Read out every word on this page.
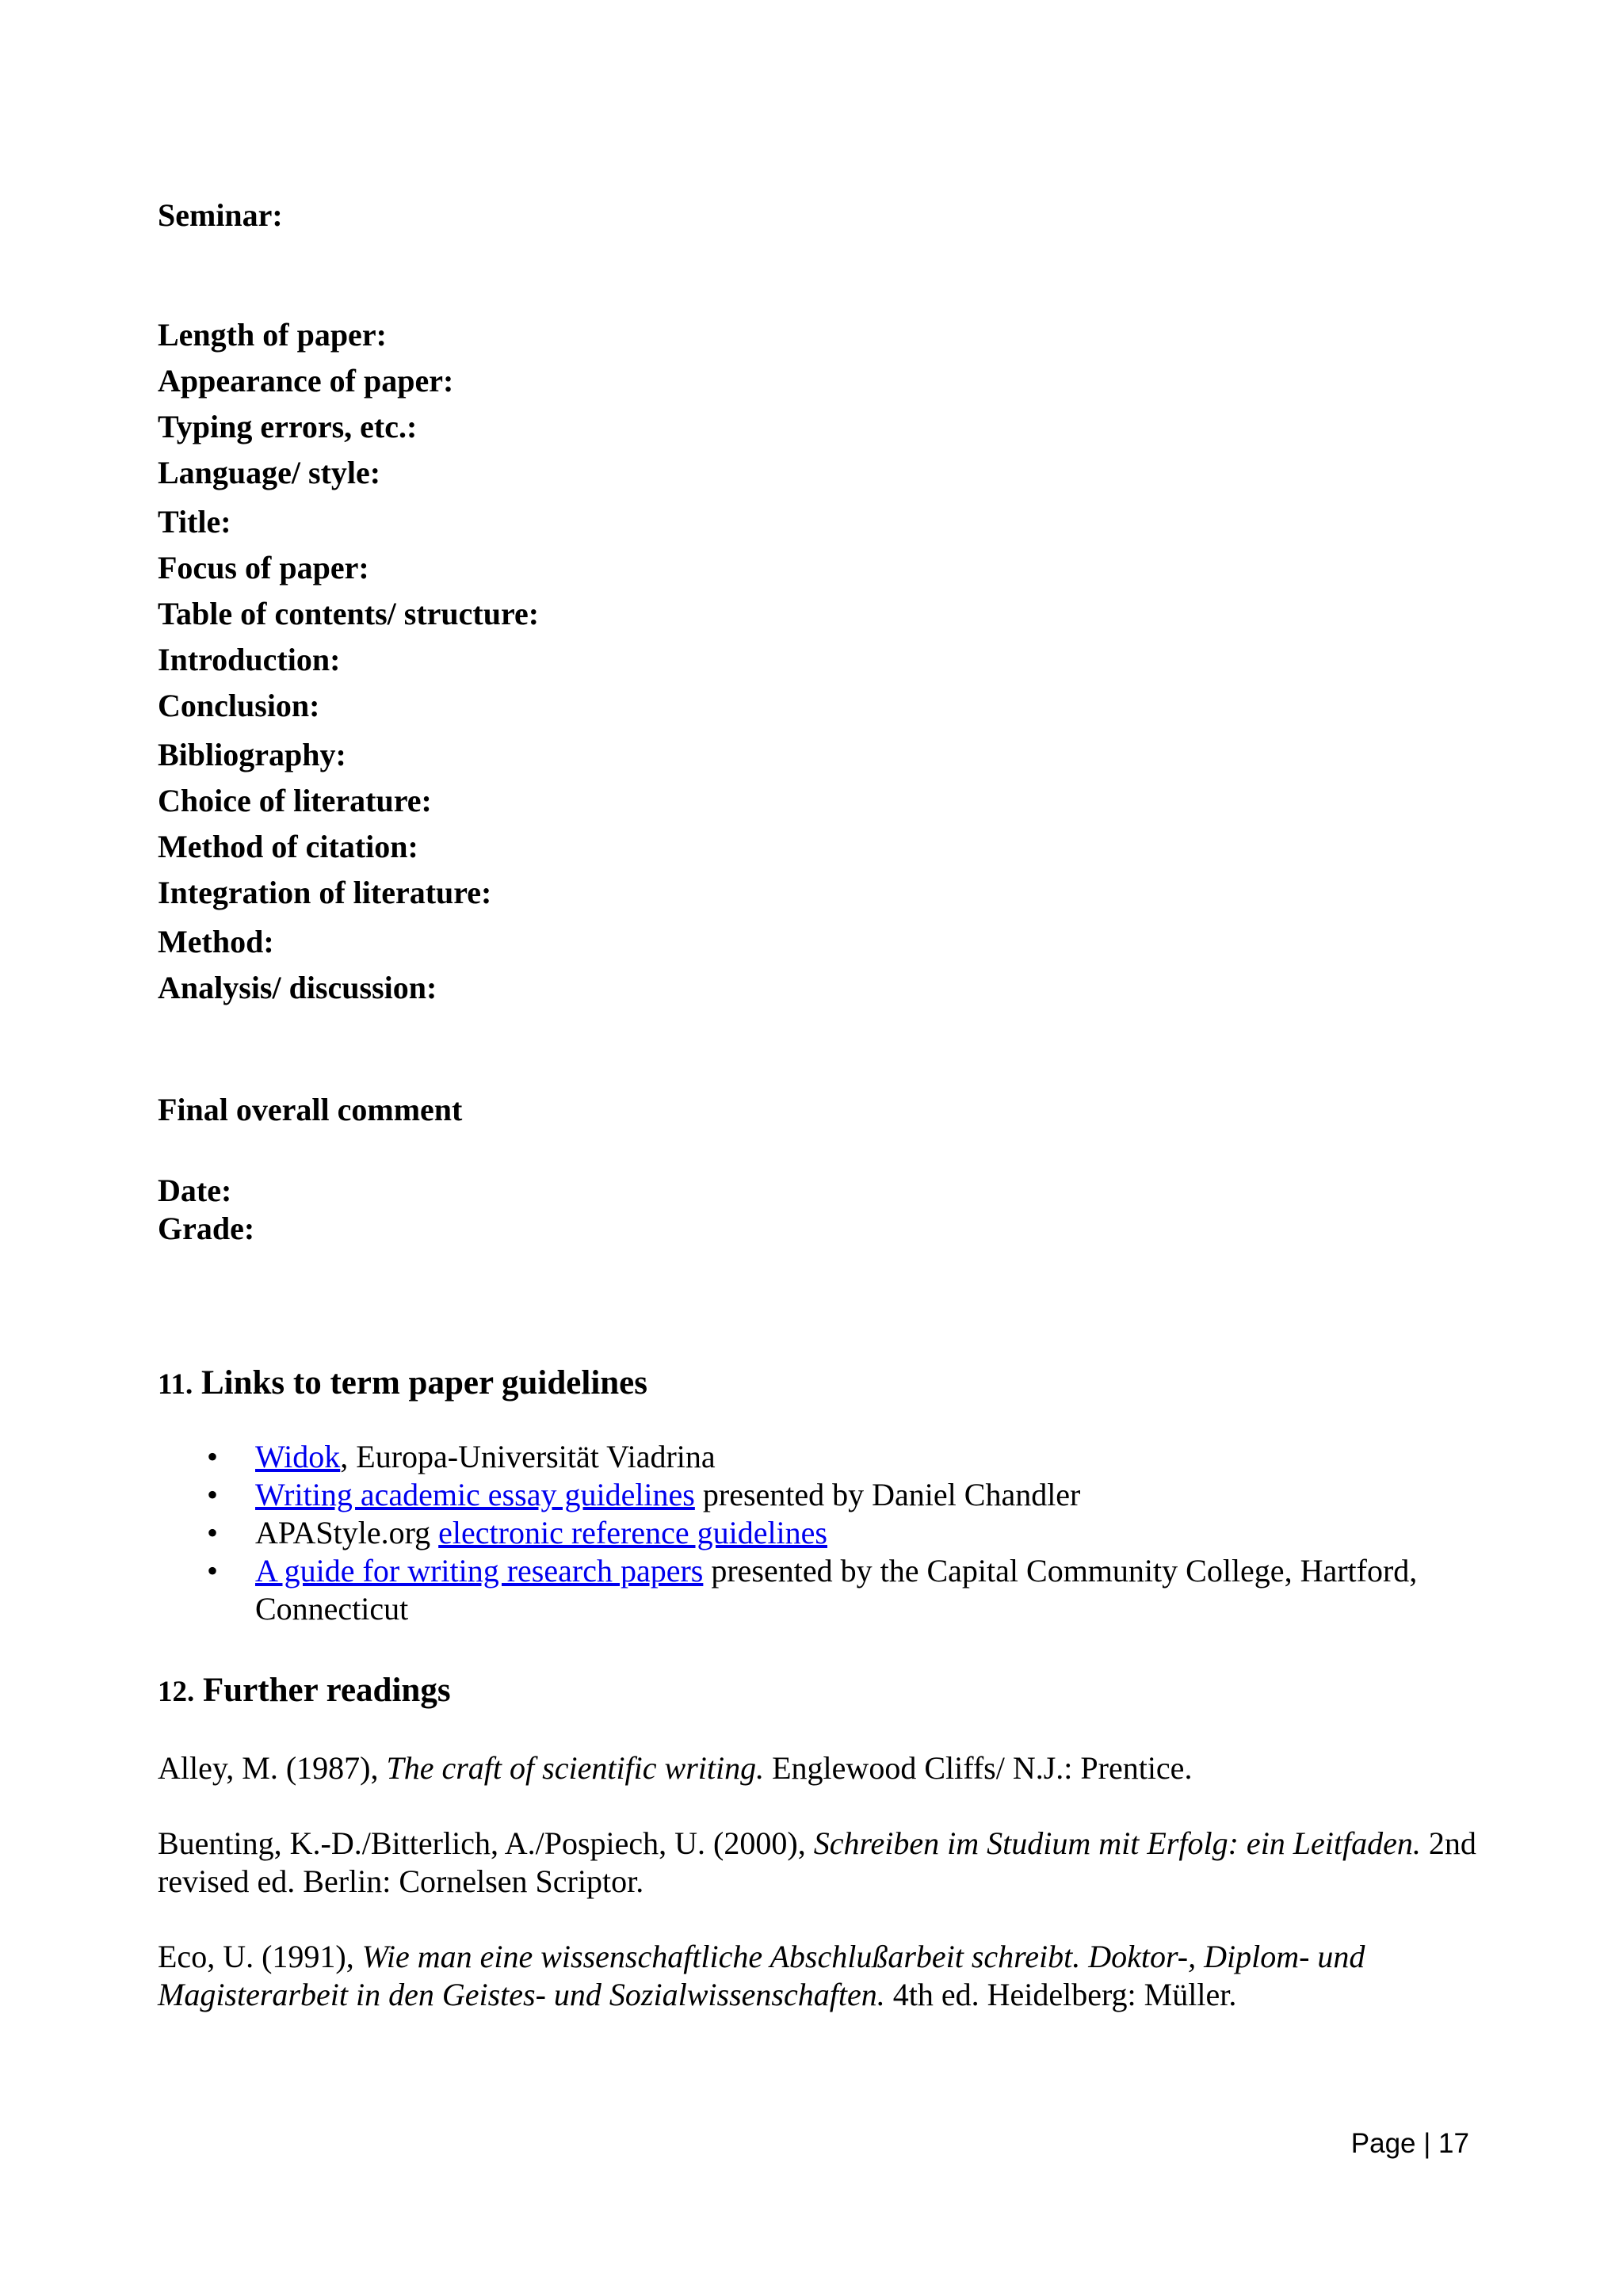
Seminar:
Length of paper:
Appearance of paper:
Typing errors, etc.:
Language/ style:
Title:
Focus of paper:
Table of contents/ structure:
Introduction:
Conclusion:
Bibliography:
Choice of literature:
Method of citation:
Integration of literature:
Method:
Analysis/ discussion:
Final overall comment
Date:
Grade:
11. Links to term paper guidelines
• Widok, Europa-Universität Viadrina
• Writing academic essay guidelines presented by Daniel Chandler
• APAStyle.org electronic reference guidelines
• A guide for writing research papers presented by the Capital Community College, Hartford, Connecticut
12. Further readings
Alley, M. (1987), The craft of scientific writing. Englewood Cliffs/ N.J.: Prentice.
Buenting, K.-D./Bitterlich, A./Pospiech, U. (2000), Schreiben im Studium mit Erfolg: ein Leitfaden. 2nd revised ed. Berlin: Cornelsen Scriptor.
Eco, U. (1991), Wie man eine wissenschaftliche Abschlußarbeit schreibt. Doktor-, Diplom- und Magisterarbeit in den Geistes- und Sozialwissenschaften. 4th ed. Heidelberg: Müller.
Page | 17
